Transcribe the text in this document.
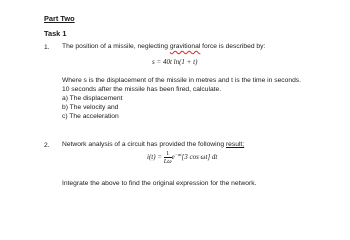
Part Two
Task 1
1. The position of a missile, neglecting gravitional force is described by:
s = 40t ln(1 + t)
Where s is the displacement of the missile in metres and t is the time in seconds.
10 seconds after the missile has been fired, calculate.
a) The displacement
b) The velocity and
c) The acceleration
2. Network analysis of a circuit has provided the following result;
$i(t) = \frac{1}{L\omega} e^{-\alpha t}[3$ cos ωt] dt
Integrate the above to find the original expression for the network.
